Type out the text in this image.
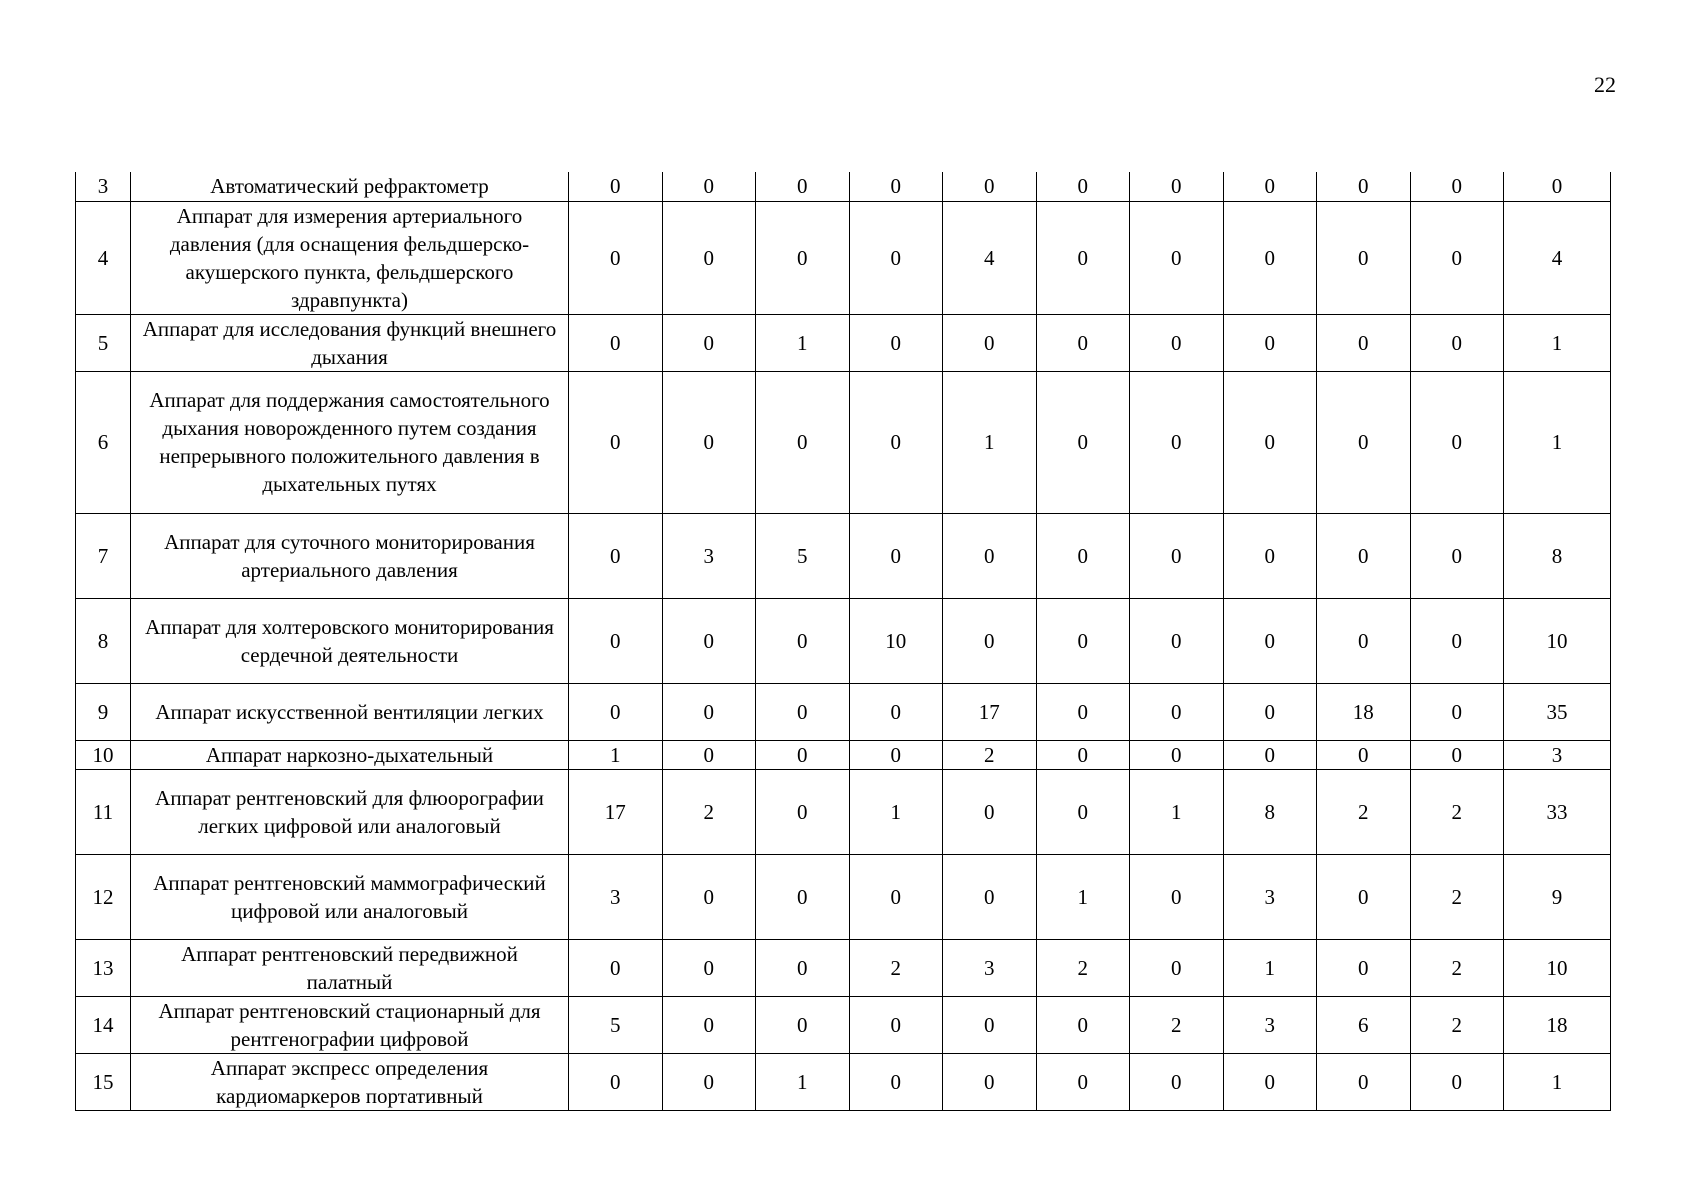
22
3	Автоматический рефрактометр	0	0	0	0	0	0	0	0	0	0	0
4	Аппарат для измерения артериального давления (для оснащения фельдшерско-акушерского пункта, фельдшерского здравпункта)	0	0	0	0	4	0	0	0	0	0	4
5	Аппарат для исследования функций внешнего дыхания	0	0	1	0	0	0	0	0	0	0	1
6	Аппарат для поддержания самостоятельного дыхания новорожденного путем создания непрерывного положительного давления в дыхательных путях	0	0	0	0	1	0	0	0	0	0	1
7	Аппарат для суточного мониторирования артериального давления	0	3	5	0	0	0	0	0	0	0	8
8	Аппарат для холтеровского мониторирования сердечной деятельности	0	0	0	10	0	0	0	0	0	0	10
9	Аппарат искусственной вентиляции легких	0	0	0	0	17	0	0	0	18	0	35
10	Аппарат наркозно-дыхательный	1	0	0	0	2	0	0	0	0	0	3
11	Аппарат рентгеновский для флюорографии легких цифровой или аналоговый	17	2	0	1	0	0	1	8	2	2	33
12	Аппарат рентгеновский маммографический цифровой или аналоговый	3	0	0	0	0	1	0	3	0	2	9
13	Аппарат рентгеновский передвижной палатный	0	0	0	2	3	2	0	1	0	2	10
14	Аппарат рентгеновский стационарный для рентгенографии цифровой	5	0	0	0	0	0	2	3	6	2	18
15	Аппарат экспресс определения кардиомаркеров портативный	0	0	1	0	0	0	0	0	0	0	1
